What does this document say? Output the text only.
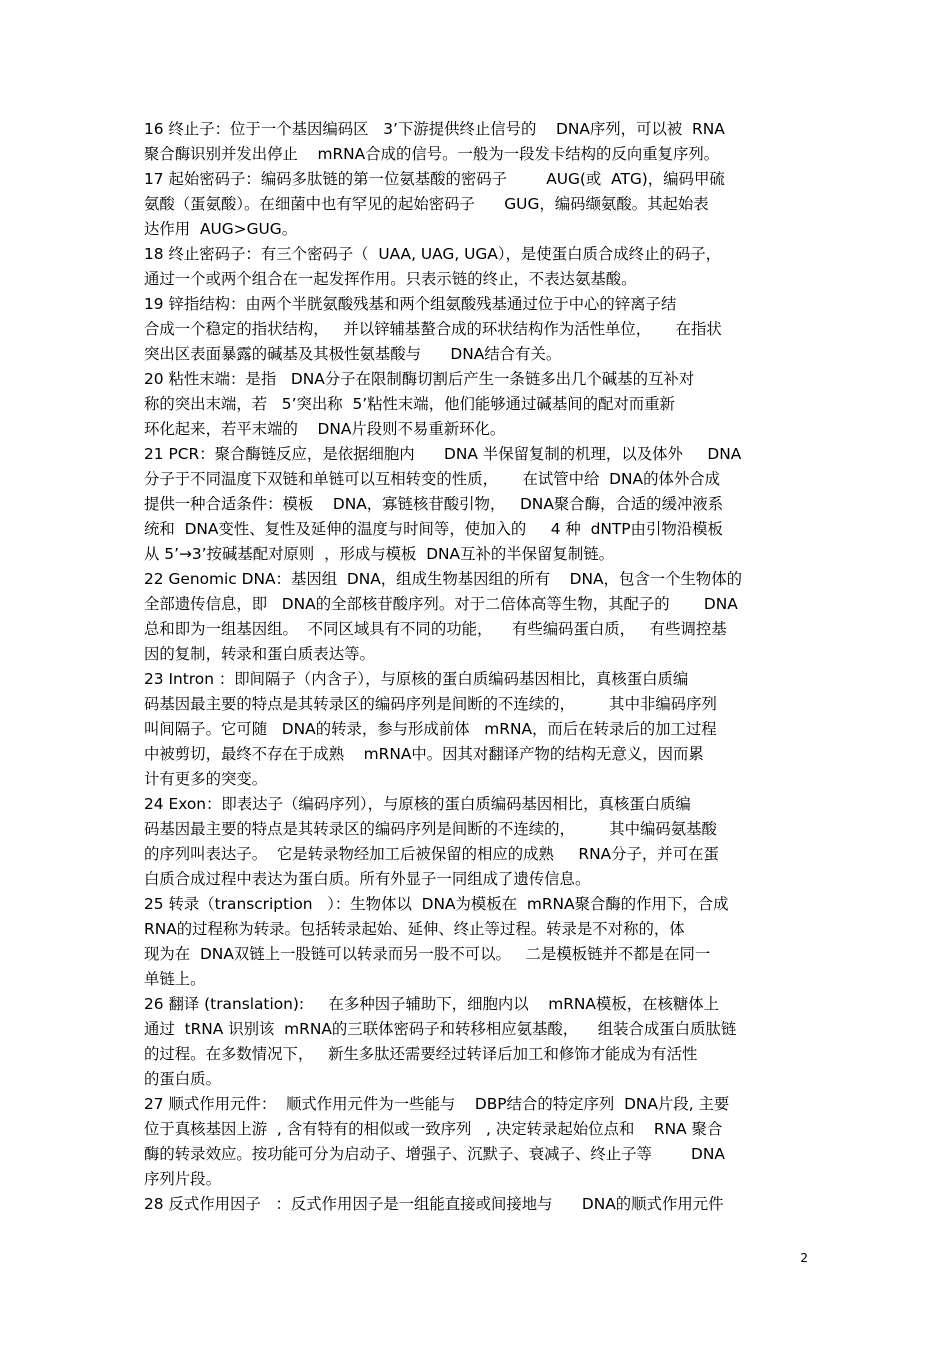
16 终止子：位于一个基因编码区   3’下游提供终止信号的    DNA序列，可以被  RNA
聚合酶识别并发出停止    mRNA合成的信号。一般为一段发卡结构的反向重复序列。
17 起始密码子：编码多肽链的第一位氨基酸的密码子        AUG(或  ATG)，编码甲硫
氨酸（蛋氨酸）。在细菌中也有罕见的起始密码子      GUG，编码缬氨酸。其起始表
达作用  AUG>GUG。
18 终止密码子：有三个密码子（  UAA, UAG, UGA），是使蛋白质合成终止的码子，
通过一个或两个组合在一起发挥作用。只表示链的终止，不表达氨基酸。
19 锌指结构：由两个半胱氨酸残基和两个组氨酸残基通过位于中心的锌离子结
合成一个稳定的指状结构，   并以锌辅基螯合成的环状结构作为活性单位，     在指状
突出区表面暴露的碱基及其极性氨基酸与      DNA结合有关。
20 粘性末端：是指   DNA分子在限制酶切割后产生一条链多出几个碱基的互补对
称的突出末端，若   5’突出称  5’粘性末端，他们能够通过碱基间的配对而重新
环化起来，若平末端的    DNA片段则不易重新环化。
21 PCR：聚合酶链反应，是依据细胞内      DNA 半保留复制的机理，以及体外     DNA
分子于不同温度下双链和单链可以互相转变的性质，     在试管中给  DNA的体外合成
提供一种合适条件：模板    DNA，寡链核苷酸引物，   DNA聚合酶，合适的缓冲液系
统和  DNA变性、复性及延伸的温度与时间等，使加入的     4 种  dNTP由引物沿模板
从 5’→3’按碱基配对原则  ，形成与模板  DNA互补的半保留复制链。
22 Genomic DNA：基因组  DNA，组成生物基因组的所有    DNA，包含一个生物体的
全部遗传信息，即   DNA的全部核苷酸序列。对于二倍体高等生物，其配子的       DNA
总和即为一组基因组。  不同区域具有不同的功能，    有些编码蛋白质，   有些调控基
因的复制，转录和蛋白质表达等。
23 Intron ：即间隔子（内含子），与原核的蛋白质编码基因相比，真核蛋白质编
码基因最主要的特点是其转录区的编码序列是间断的不连续的，       其中非编码序列
叫间隔子。它可随   DNA的转录，参与形成前体   mRNA，而后在转录后的加工过程
中被剪切，最终不存在于成熟    mRNA中。因其对翻译产物的结构无意义，因而累
计有更多的突变。
24 Exon：即表达子（编码序列），与原核的蛋白质编码基因相比，真核蛋白质编
码基因最主要的特点是其转录区的编码序列是间断的不连续的，       其中编码氨基酸
的序列叫表达子。  它是转录物经加工后被保留的相应的成熟     RNA分子，并可在蛋
白质合成过程中表达为蛋白质。所有外显子一同组成了遗传信息。
25 转录（transcription   ）：生物体以  DNA为模板在  mRNA聚合酶的作用下，合成
RNA的过程称为转录。包括转录起始、延伸、终止等过程。转录是不对称的，体
现为在  DNA双链上一股链可以转录而另一股不可以。   二是模板链并不都是在同一
单链上。
26 翻译 (translation):     在多种因子辅助下，细胞内以    mRNA模板，在核糖体上
通过  tRNA 识别该  mRNA的三联体密码子和转移相应氨基酸，    组装合成蛋白质肽链
的过程。在多数情况下，   新生多肽还需要经过转译后加工和修饰才能成为有活性
的蛋白质。
27 顺式作用元件：  顺式作用元件为一些能与    DBP结合的特定序列  DNA片段, 主要
位于真核基因上游  , 含有特有的相似或一致序列   , 决定转录起始位点和    RNA 聚合
酶的转录效应。按功能可分为启动子、增强子、沉默子、衰减子、终止子等        DNA
序列片段。
28 反式作用因子   ：反式作用因子是一组能直接或间接地与      DNA的顺式作用元件
2
